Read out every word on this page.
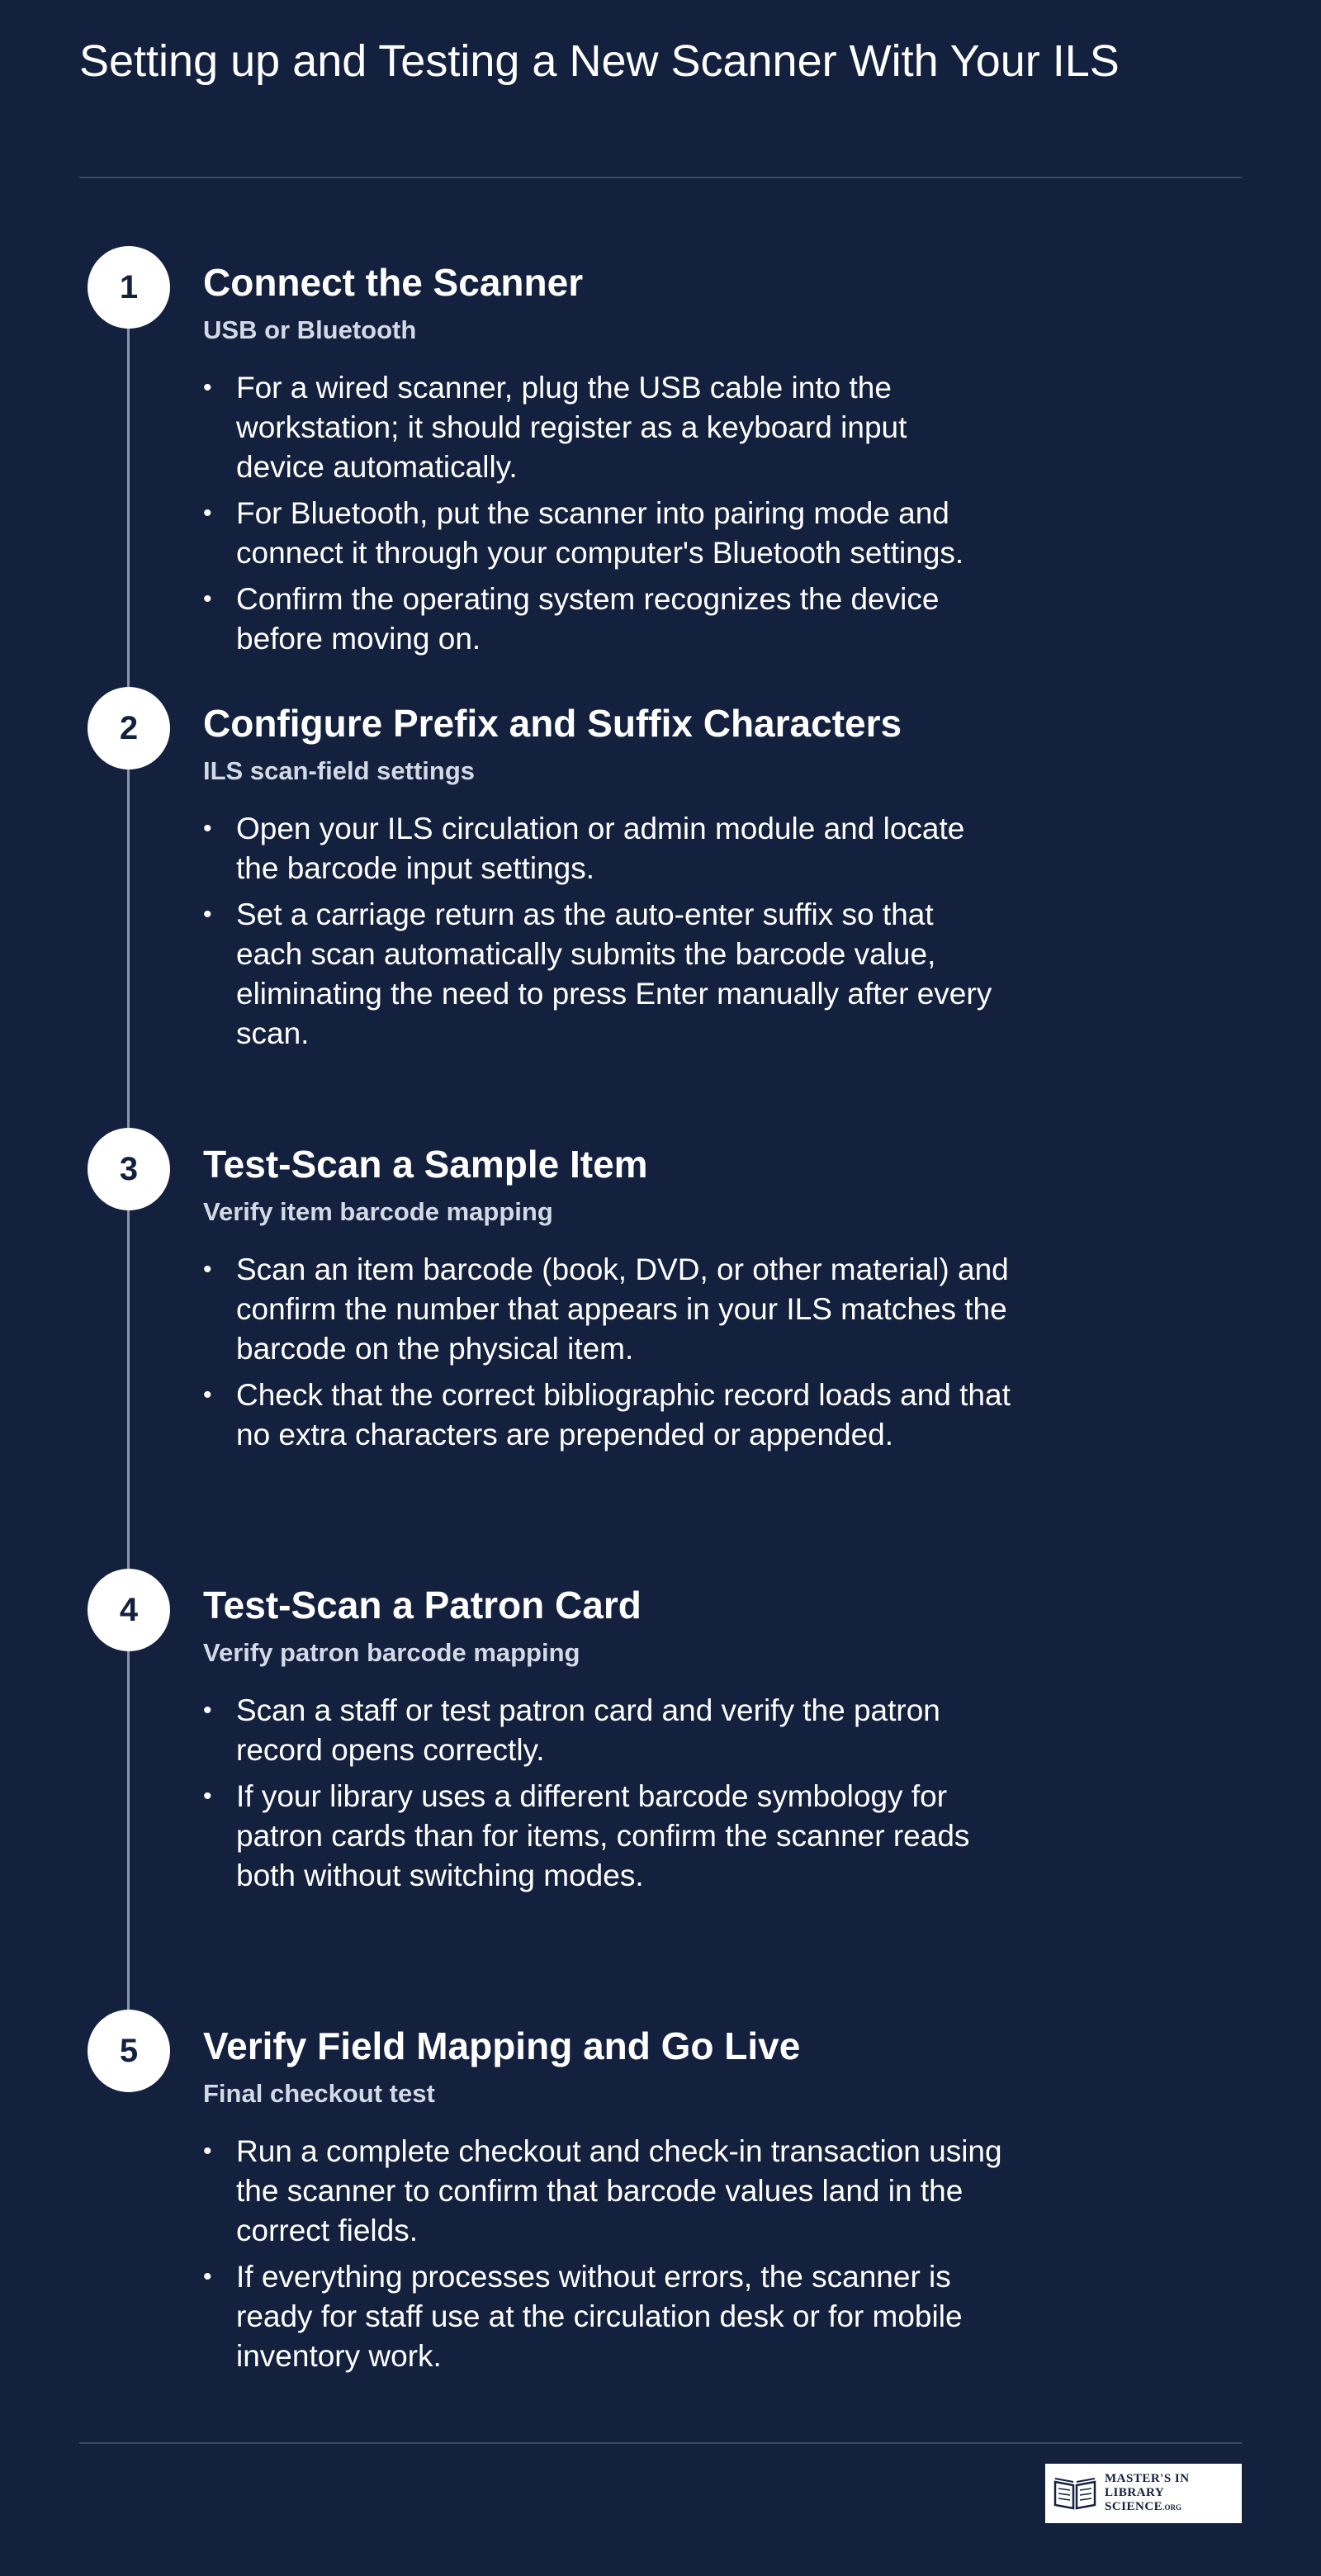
Setting up and Testing a New Scanner With Your ILS
1	Connect the Scanner
USB or Bluetooth
• For a wired scanner, plug the USB cable into the workstation; it should register as a keyboard input device automatically.
• For Bluetooth, put the scanner into pairing mode and connect it through your computer's Bluetooth settings.
• Confirm the operating system recognizes the device before moving on.
2	Configure Prefix and Suffix Characters
ILS scan-field settings
• Open your ILS circulation or admin module and locate the barcode input settings.
• Set a carriage return as the auto-enter suffix so that each scan automatically submits the barcode value, eliminating the need to press Enter manually after every scan.
3	Test-Scan a Sample Item
Verify item barcode mapping
• Scan an item barcode (book, DVD, or other material) and confirm the number that appears in your ILS matches the barcode on the physical item.
• Check that the correct bibliographic record loads and that no extra characters are prepended or appended.
4	Test-Scan a Patron Card
Verify patron barcode mapping
• Scan a staff or test patron card and verify the patron record opens correctly.
• If your library uses a different barcode symbology for patron cards than for items, confirm the scanner reads both without switching modes.
5	Verify Field Mapping and Go Live
Final checkout test
• Run a complete checkout and check-in transaction using the scanner to confirm that barcode values land in the correct fields.
• If everything processes without errors, the scanner is ready for staff use at the circulation desk or for mobile inventory work.
MASTER'S IN
LIBRARY SCIENCE.ORG
